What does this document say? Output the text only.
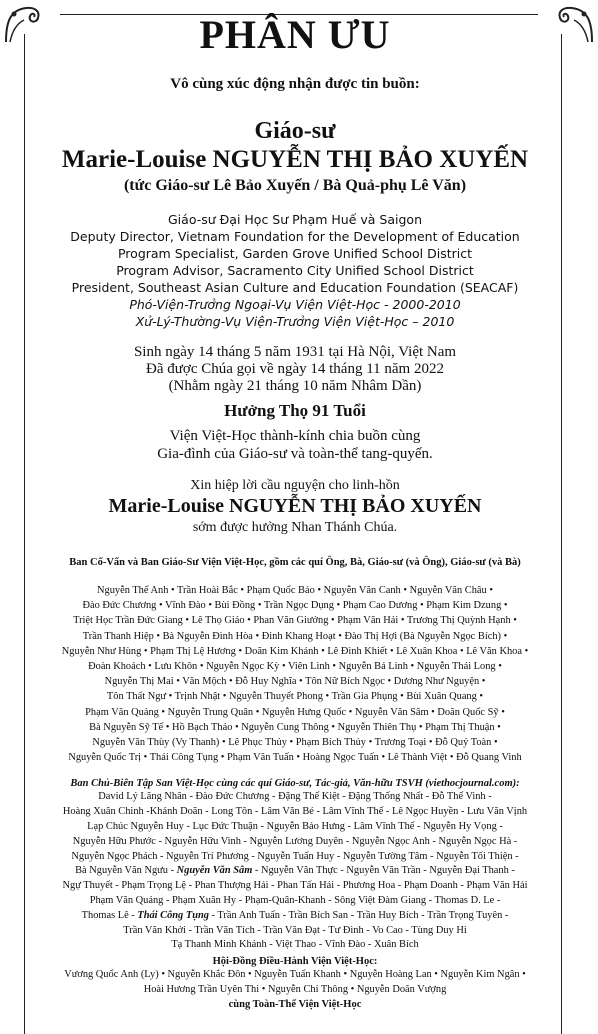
PHÂN ƯU
Vô cùng xúc động nhận được tin buồn:
Giáo-sư
Marie-Louise NGUYỄN THỊ BẢO XUYẾN
(tức Giáo-sư Lê Bảo Xuyến / Bà Quả-phụ Lê Văn)
Giáo-sư Đại Học Sư Phạm Huế và Saigon
Deputy Director, Vietnam Foundation for the Development of Education
Program Specialist, Garden Grove Unified School District
Program Advisor, Sacramento City Unified School District
President, Southeast Asian Culture and Education Foundation (SEACAF)
Phó-Viện-Trưởng Ngoại-Vụ Viện Việt-Học - 2000-2010
Xử-Lý-Thường-Vụ Viện-Trưởng Viện Việt-Học – 2010
Sinh ngày 14 tháng 5 năm 1931 tại Hà Nội, Việt Nam
Đã được Chúa gọi về ngày 14 tháng 11 năm 2022
(Nhằm ngày 21 tháng 10 năm Nhâm Dần)
Hưởng Thọ 91 Tuổi
Viện Việt-Học thành-kính chia buồn cùng
Gia-đình của Giáo-sư và toàn-thể tang-quyến.
Xin hiệp lời cầu nguyện cho linh-hồn
Marie-Louise NGUYỄN THỊ BẢO XUYẾN
sớm được hưởng Nhan Thánh Chúa.
Ban Cố-Vấn và Ban Giáo-Sư Viện Việt-Học, gồm các quí Ông, Bà, Giáo-sư (và Ông), Giáo-sư (và Bà)
Nguyễn Thế Anh • Trần Hoài Bắc • Phạm Quốc Bảo • Nguyễn Văn Canh • Nguyễn Văn Châu •
Đào Đức Chương • Vĩnh Đào • Bùi Đồng • Trần Ngọc Dụng • Phạm Cao Dương • Phạm Kim Dzung •
Triệt Học Trần Đức Giang • Lê Thọ Giáo • Phan Văn Giưởng • Phạm Văn Hải • Trương Thị Quỳnh Hạnh •
Trần Thanh Hiệp • Bà Nguyễn Đình Hòa • Đinh Khang Hoạt • Đào Thị Hợi (Bà Nguyễn Ngọc Bích) •
Nguyễn Như Hùng • Phạm Thị Lệ Hương • Doãn Kim Khánh • Lê Đình Khiết • Lê Xuân Khoa • Lê Văn Khoa •
Đoàn Khoách • Lưu Khôn • Nguyễn Ngọc Kỳ • Viên Linh • Nguyễn Bá Linh • Nguyễn Thái Long •
Nguyễn Thị Mai • Văn Mộch • Đỗ Huy Nghĩa • Tôn Nữ Bích Ngọc • Dương Như Nguyện •
Tôn Thất Ngư • Trịnh Nhật • Nguyễn Thuyết Phong • Trần Gia Phụng • Bùi Xuân Quang •
Phạm Văn Quảng • Nguyễn Trung Quân • Nguyễn Hưng Quốc • Nguyễn Văn Sâm • Doãn Quốc Sỹ •
Bà Nguyễn Sỹ Tế • Hồ Bạch Thảo • Nguyễn Cung Thông • Nguyễn Thiên Thụ • Phạm Thị Thuận •
Nguyễn Văn Thùy (Vy Thanh) • Lê Phục Thủy • Phạm Bích Thủy • Trương Toại • Đỗ Quý Toàn •
Nguyễn Quốc Trị • Thái Công Tụng • Phạm Văn Tuấn • Hoàng Ngọc Tuấn • Lê Thành Việt • Đỗ Quang Vinh
Ban Chủ-Biên Tập San Việt-Học cùng các quí Giáo-sư, Tác-giả, Văn-hữu TSVH (viethocjournal.com):
David Lý Lãng Nhân - Đào Đức Chương - Đặng Thế Kiệt - Đặng Thống Nhất - Đỗ Thế Vinh -
Hoàng Xuân Chinh -Khánh Doãn - Long Tôn - Lâm Văn Bé - Lâm Vĩnh Thế - Lê Ngọc Huyền - Lưu Văn Vịnh
Lạp Chúc Nguyễn Huy - Lục Đức Thuận - Nguyễn Bảo Hưng - Lâm Vĩnh Thế - Nguyễn Hy Vọng -
Nguyễn Hữu Phước - Nguyễn Hữu Vinh - Nguyễn Lương Duyên - Nguyễn Ngọc Anh - Nguyễn Ngọc Hà -
Nguyễn Ngọc Phách - Nguyễn Trí Phương - Nguyễn Tuấn Huy - Nguyễn Tường Tâm - Nguyễn Tối Thiện -
Bà Nguyễn Văn Ngưu - Nguyễn Văn Sâm - Nguyễn Văn Thực - Nguyễn Văn Trần - Nguyễn Đại Thanh -
Ngự Thuyết - Phạm Trọng Lệ - Phan Thượng Hải - Phan Tấn Hải - Phương Hoa - Phạm Doanh - Phạm Văn Hải
Phạm Văn Quảng - Phạm Xuân Hy - Phạm-Quân-Khanh - Sông Việt Đàm Giang - Thomas D. Le -
Thomas Lê - Thái Công Tụng - Trần Anh Tuấn - Trần Bích San - Trần Huy Bích - Trần Trọng Tuyên -
Trần Văn Khởi - Trần Văn Tích - Trần Văn Đạt - Tư Đình - Vo Cao - Tùng Duy Hi
Tạ Thanh Minh Khánh - Việt Thao - Vĩnh Đào - Xuân Bích
Hội-Đồng Điều-Hành Viện Việt-Học:
Vương Quốc Anh (Ly) • Nguyễn Khắc Đôn • Nguyễn Tuấn Khanh • Nguyễn Hoàng Lan • Nguyễn Kim Ngân •
Hoài Hương Trần Uyên Thi • Nguyễn Chí Thông • Nguyễn Doãn Vượng
cùng Toàn-Thể Viện Việt-Học
